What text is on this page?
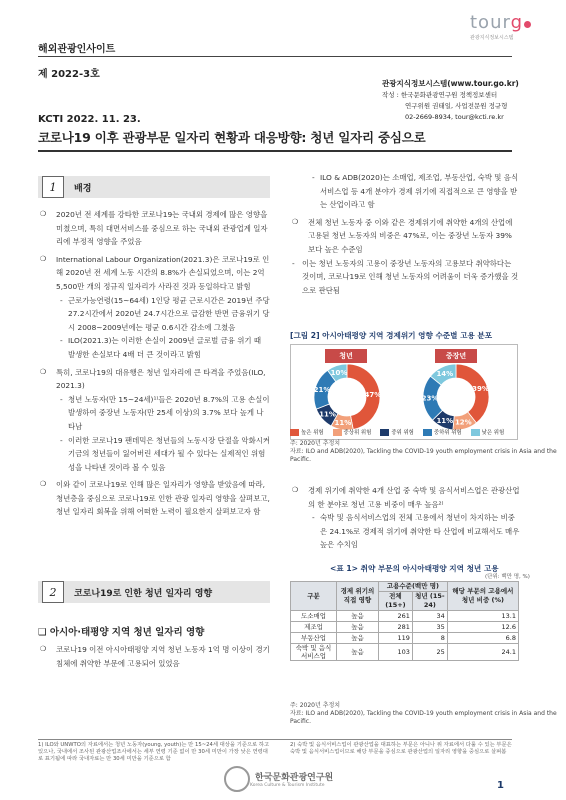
해외관광인사이트
제 2022-3호
tourg
관광지식정보시스템
관광지식정보시스템(www.tour.go.kr)
작성 : 한국문화관광연구원 정책정보센터
연구위원 권태일, 사업전문원 정규형
02-2669-8934, tour@kcti.re.kr
KCTI 2022. 11. 23.
코로나19 이후 관광부문 일자리 현황과 대응방향: 청년 일자리 중심으로
1	배경

❍ 2020년 전 세계를 강타한 코로나19는 국내외 경제에 많은 영향을 미쳤으며, 특히 대면서비스를 중심으로 하는 국내외 관광업계 일자리에 부정적 영향을 주었음

❍ International Labour Organization(2021.3)은 코로나19로 인해 2020년 전 세계 노동 시간의 8.8%가 손실되었으며, 이는 2억 5,500만 개의 정규직 일자리가 사라진 것과 동일하다고 밝힘

- 근로가능연령(15~64세) 1인당 평균 근로시간은 2019년 주당 27.2시간에서 2020년 24.7시간으로 급감한 반면 금융위기 당시 2008~2009년에는 평균 0.6시간 감소에 그쳤음

- ILO(2021.3)는 이러한 손실이 2009년 글로벌 금융 위기 때 발생한 손실보다 4배 더 큰 것이라고 밝힘

❍ 특히, 코로나19의 대유행은 청년 일자리에 큰 타격을 주었음(ILO, 2021.3)

- 청년 노동자(만 15~24세)¹⁾들은 2020년 8.7%의 고용 손실이 발생하여 중장년 노동자(만 25세 이상)의 3.7% 보다 높게 나타남

- 이러한 코로나19 팬데믹은 청년들의 노동시장 단절을 악화시켜 기금의 청년들이 잃어버린 세대가 될 수 있다는 실제적인 위험성을 나타낸 것이라 볼 수 있음

❍ 이와 같이 코로나19로 인해 많은 일자리가 영향을 받았음에 따라, 청년층을 중심으로 코로나19로 인한 관광 일자리 영향을 살펴보고, 청년 일자리 회복을 위해 어떠한 노력이 필요한지 살펴보고자 함

2	코로나19로 인한 청년 일자리 영향
❑ 아시아·태평양 지역 청년 일자리 영향

❍ 코로나19 이전 아시아태평양 지역 청년 노동자 1억 명 이상이 경기침체에 취약한 부문에 고용되어 있었음

- ILO & ADB(2020)는 소매업, 제조업, 부동산업, 숙박 및 음식서비스업 등 4개 분야가 경제 위기에 직접적으로 큰 영향을 받는 산업이라고 함

❍ 전체 청년 노동자 중 이와 같은 경제위기에 취약한 4개의 산업에 고용된 청년 노동자의 비중은 47%로, 이는 중장년 노동자 39% 보다 높은 수준임

‐ 이는 청년 노동자의 고용이 중장년 노동자의 고용보다 취약하다는 것이며, 코로나19로 인해 청년 노동자의 어려움이 더욱 증가했을 것으로 판단됨

[그림 2] 아시아태평양 지역 경제위기 영향 수준별 고용 분포
청년	중장년
47%
11%
11%
21%
10%
39%
12%
11%
23%
14%
높은 위험	중상위 위험	중위 위험	중하위 위험	낮은 위험
주: 2020년 추정치
자료: ILO and ADB(2020), Tackling the COVID-19 youth employment crisis in Asia and the Pacific.

❍ 경제 위기에 취약한 4개 산업 중 숙박 및 음식서비스업은 관광산업의 한 분야로 청년 고용 비중이 매우 높음²⁾

- 숙박 및 음식서비스업의 전체 고용에서 청년이 차지하는 비중은 24.1%로 경제적 위기에 취약한 타 산업에 비교해서도 매우 높은 수치임

<표 1> 취약 부문의 아시아태평양 지역 청년 고용
(단위: 백만 명, %)
구분	경제 위기의 직접 영향	고용수준(백만 명)		해당 부문의 고용에서 청년 비중 (%)
		전체 (15+)	청년 (15-24)	
도소매업	높음	261	34	13.1
제조업	높음	281	35	12.6
부동산업	높음	119	8	6.8
숙박 및 음식서비스업	높음	103	25	24.1
주: 2020년 추정치
자료: ILO and ADB(2020), Tackling the COVID-19 youth employment crisis in Asia and the Pacific.
1) ILO와 UNWTO의 자료에서는 청년 노동자(young, youth)는 만 15~24세 대상을 기준으로 하고 있으나, 국내에서 조사된 관광산업조사에서는 세부 연령 기준 없이 만 30세 미만이 가장 낮은 연령대로 표기됨에 따라 국내자료는 만 30세 미만을 기준으로 함
2) 숙박 및 음식서비스업이 관광산업을 대표하는 부문은 아니나 위 자료에서 다룰 수 있는 부문은 숙박 및 음식서비스업이므로 해당 부문을 중심으로 관광산업의 일자리 영향을 중심으로 살펴봄
한국문화관광연구원
Korea Culture & Tourism Institute	1
